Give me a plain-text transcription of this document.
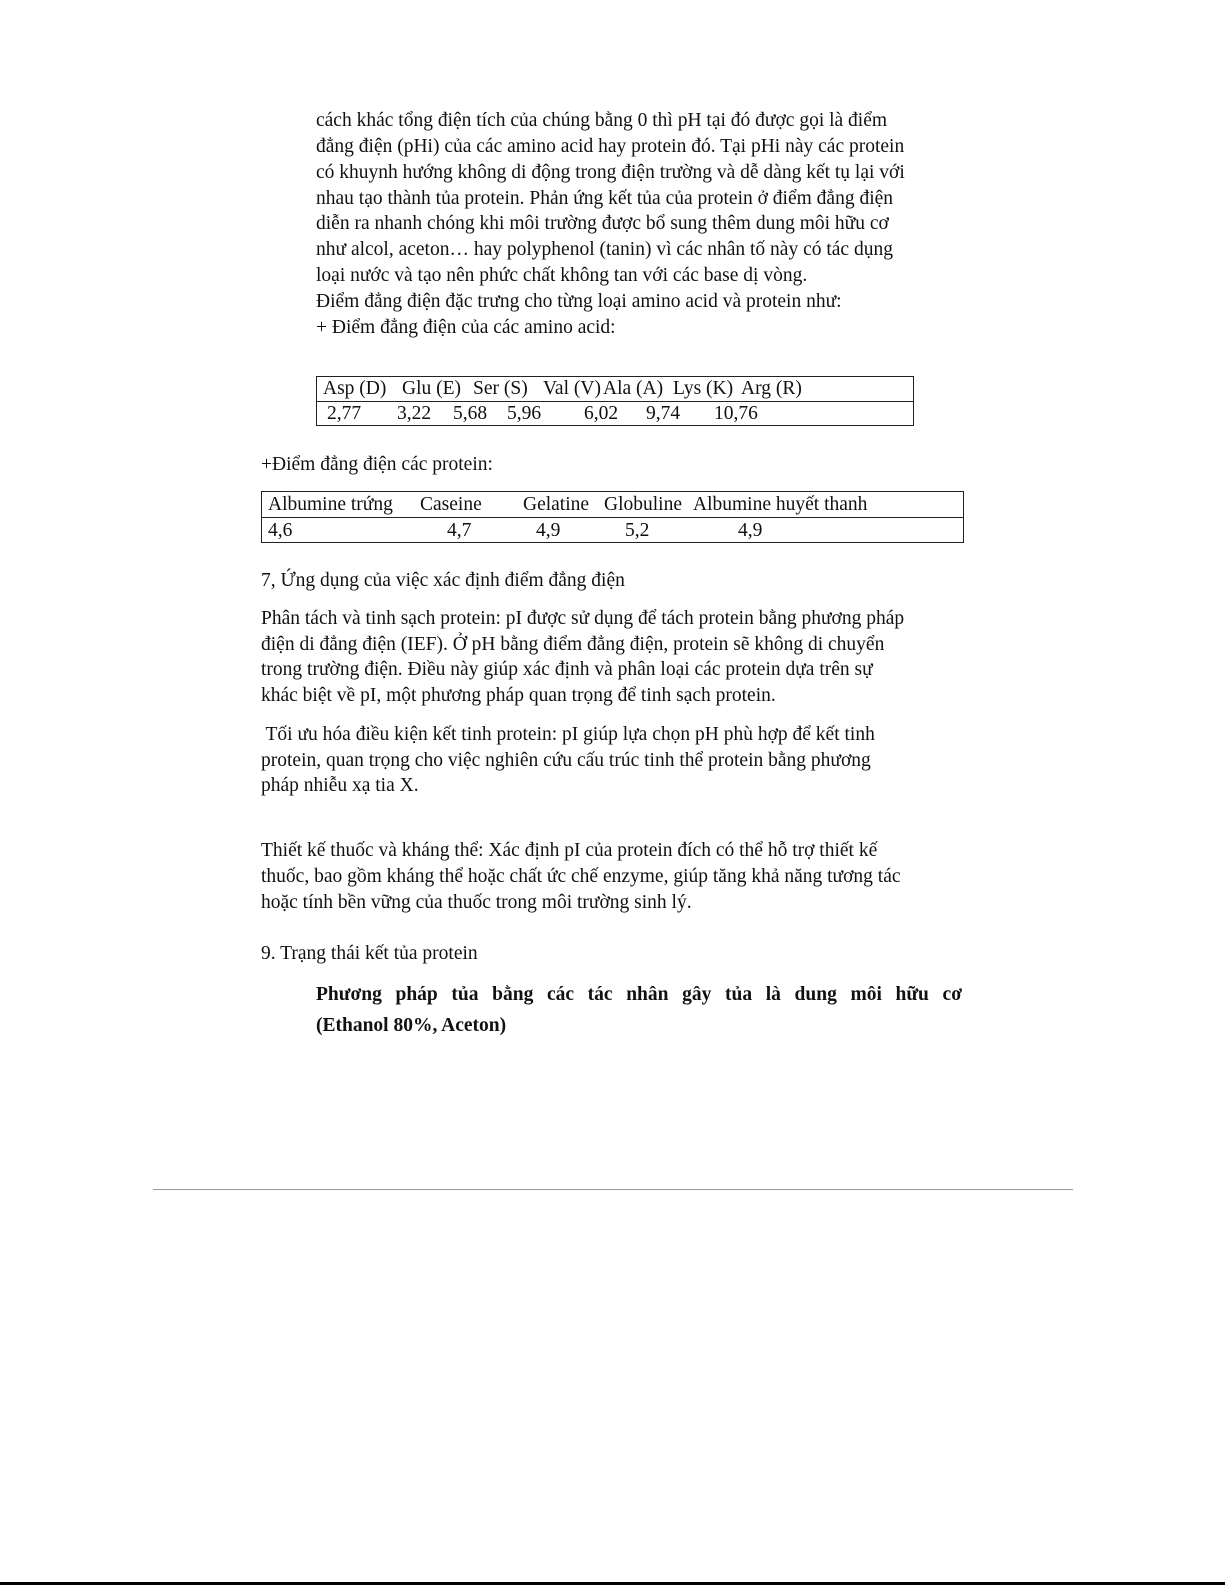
cách khác tổng điện tích của chúng bằng 0 thì pH tại đó được gọi là điểm
đẳng điện (pHi) của các amino acid hay protein đó. Tại pHi này các protein
có khuynh hướng không di động trong điện trường và dễ dàng kết tụ lại với
nhau tạo thành tủa protein. Phản ứng kết tủa của protein ở điểm đẳng điện
diễn ra nhanh chóng khi môi trường được bổ sung thêm dung môi hữu cơ
như alcol, aceton… hay polyphenol (tanin) vì các nhân tố này có tác dụng
loại nước và tạo nên phức chất không tan với các base dị vòng.
Điểm đẳng điện đặc trưng cho từng loại amino acid và protein như:
+ Điểm đẳng điện của các amino acid:
Asp (D) Glu (E) Ser (S) Val (V) Ala (A) Lys (K) Arg (R)
2,77 3,22 5,68 5,96 6,02 9,74 10,76
+Điểm đẳng điện các protein:
Albumine trứng Caseine Gelatine Globuline Albumine huyết thanh
4,6	4,7	4,9	5,2	4,9
7, Ứng dụng của việc xác định điểm đẳng điện
Phân tách và tinh sạch protein: pI được sử dụng để tách protein bằng phương pháp
điện di đẳng điện (IEF). Ở pH bằng điểm đẳng điện, protein sẽ không di chuyển
trong trường điện. Điều này giúp xác định và phân loại các protein dựa trên sự
khác biệt về pI, một phương pháp quan trọng để tinh sạch protein.
Tối ưu hóa điều kiện kết tinh protein: pI giúp lựa chọn pH phù hợp để kết tinh
protein, quan trọng cho việc nghiên cứu cấu trúc tinh thể protein bằng phương
pháp nhiễu xạ tia X.
Thiết kế thuốc và kháng thể: Xác định pI của protein đích có thể hỗ trợ thiết kế
thuốc, bao gồm kháng thể hoặc chất ức chế enzyme, giúp tăng khả năng tương tác
hoặc tính bền vững của thuốc trong môi trường sinh lý.
9. Trạng thái kết tủa protein
Phương pháp tủa bằng các tác nhân gây tủa là dung môi hữu cơ
(Ethanol 80%, Aceton)
